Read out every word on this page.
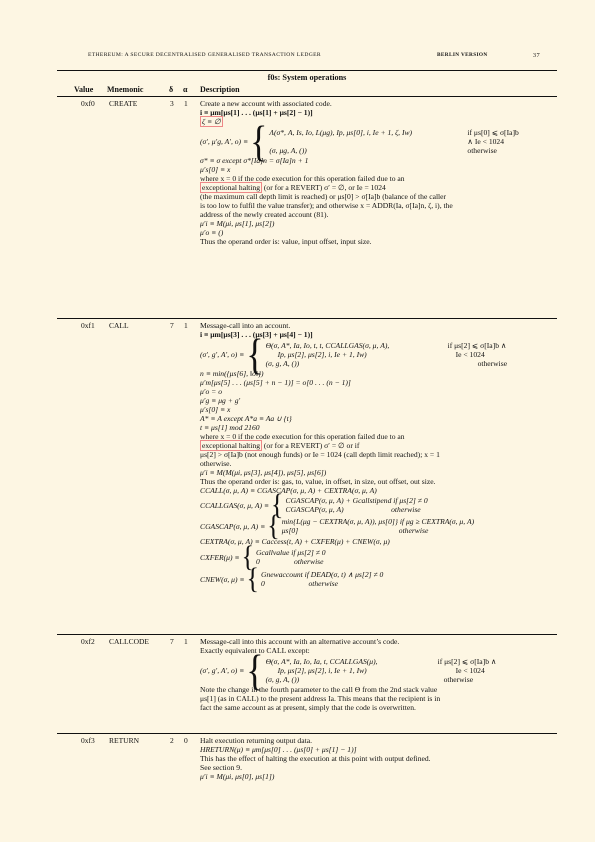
ETHEREUM: A SECURE DECENTRALISED GENERALISED TRANSACTION LEDGER	BERLIN VERSION	37
f0s: System operations
Value Mnemonic	δ α Description
0xf0 CREATE	3 1 Create a new account with associated code.
i ≡ μm[μs[1] . . . (μs[1] + μs[2] − 1)]
ζ ≡ ∅
(σ′, μ′g, A′, o) ≡ { Λ(σ*, A, Is, Io, L(μg), Ip, μs[0], i, Ie + 1, ζ, Iw)	if μs[0] ⩽ σ[Ia]b
∧ Ie < 1024
(σ, μg, A, ())	otherwise
σ* ≡ σ except σ*[Ia]n = σ[Ia]n + 1
μ′s[0] ≡ x
where x = 0 if the code execution for this operation failed due to an
exceptional halting (or for a REVERT) σ′ = ∅, or Ie = 1024
(the maximum call depth limit is reached) or μs[0] > σ[Ia]b (balance of the caller
is too low to fulfil the value transfer); and otherwise x = ADDR(Ia, σ[Ia]n, ζ, i), the
address of the newly created account (81).
μ′i ≡ M(μi, μs[1], μs[2])
μ′o ≡ ()
Thus the operand order is: value, input offset, input size.
0xf1 CALL	7 1 Message-call into an account.
i ≡ μm[μs[3] . . . (μs[3] + μs[4] − 1)]
(σ′, g′, A′, o) ≡ { Θ(σ, A*, Ia, Io, t, t, CCALLGAS(σ, μ, A),	if μs[2] ⩽ σ[Ia]b ∧
Ip, μs[2], μs[2], i, Ie + 1, Iw)	Ie < 1024
(σ, g, A, ())	otherwise
n ≡ min({μs[6], ‖o‖})
μ′m[μs[5] . . . (μs[5] + n − 1)] = o[0 . . . (n − 1)]
μ′o = o
μ′g ≡ μg + g′
μ′s[0] ≡ x
A* ≡ A except A*a ≡ Aa ∪ {t}
t ≡ μs[1] mod 2160
where x = 0 if the code execution for this operation failed due to an
exceptional halting (or for a REVERT) σ′ = ∅ or if
μs[2] > σ[Ia]b (not enough funds) or Ie = 1024 (call depth limit reached); x = 1
otherwise.
μ′i ≡ M(M(μi, μs[3], μs[4]), μs[5], μs[6])
Thus the operand order is: gas, to, value, in offset, in size, out offset, out size.
CCALL(σ, μ, A) ≡ CGASCAP(σ, μ, A) + CEXTRA(σ, μ, A)
CCALLGAS(σ, μ, A) ≡ { CGASCAP(σ, μ, A) + Gcallstipend if μs[2] ≠ 0
CGASCAP(σ, μ, A)                         otherwise
CGASCAP(σ, μ, A) ≡ { min{L(μg − CEXTRA(σ, μ, A)), μs[0]} if μg ≥ CEXTRA(σ, μ, A)
μs[0]                                                     otherwise
CEXTRA(σ, μ, A) ≡ Caccess(t, A) + CXFER(μ) + CNEW(σ, μ)
CXFER(μ) ≡ { Gcallvalue if μs[2] ≠ 0
0                  otherwise
CNEW(σ, μ) ≡ { Gnewaccount if DEAD(σ, t) ∧ μs[2] ≠ 0
0                       otherwise
0xf2 CALLCODE	7 1 Message-call into this account with an alternative account’s code.
Exactly equivalent to CALL except:
(σ′, g′, A′, o) ≡ { Θ(σ, A*, Ia, Io, Ia, t, CCALLGAS(μ),	if μs[2] ⩽ σ[Ia]b ∧
Ip, μs[2], μs[2], i, Ie + 1, Iw)	Ie < 1024
(σ, g, A, ())	otherwise
Note the change in the fourth parameter to the call Θ from the 2nd stack value
μs[1] (as in CALL) to the present address Ia. This means that the recipient is in
fact the same account as at present, simply that the code is overwritten.
0xf3 RETURN	2 0 Halt execution returning output data.
HRETURN(μ) ≡ μm[μs[0] . . . (μs[0] + μs[1] − 1)]
This has the effect of halting the execution at this point with output defined.
See section 9.
μ′i ≡ M(μi, μs[0], μs[1])
